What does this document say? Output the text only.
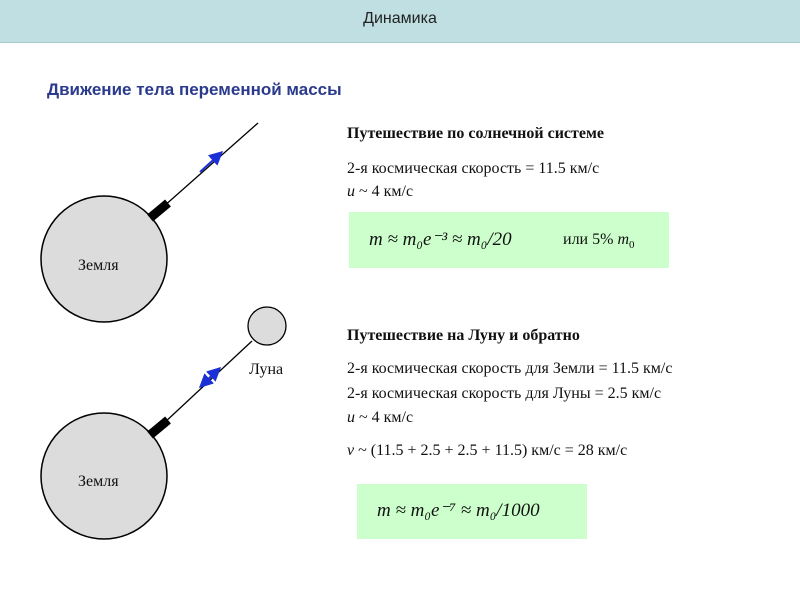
Динамика
Движение тела переменной массы
Земля
Луна
Земля
Путешествие по солнечной системе
2-я космическая скорость = 11.5 км/с
u ~ 4 км/с
m ≈ m₀e⁻³ ≈ m₀/20	или 5% $m_0$
Путешествие на Луну и обратно
2-я космическая скорость для Земли = 11.5 км/с
2-я космическая скорость для Луны = 2.5 км/с
u ~ 4 км/с
v ~ (11.5 + 2.5 + 2.5 + 11.5) км/с = 28 км/с
m ≈ m₀e⁻⁷ ≈ m₀/1000
